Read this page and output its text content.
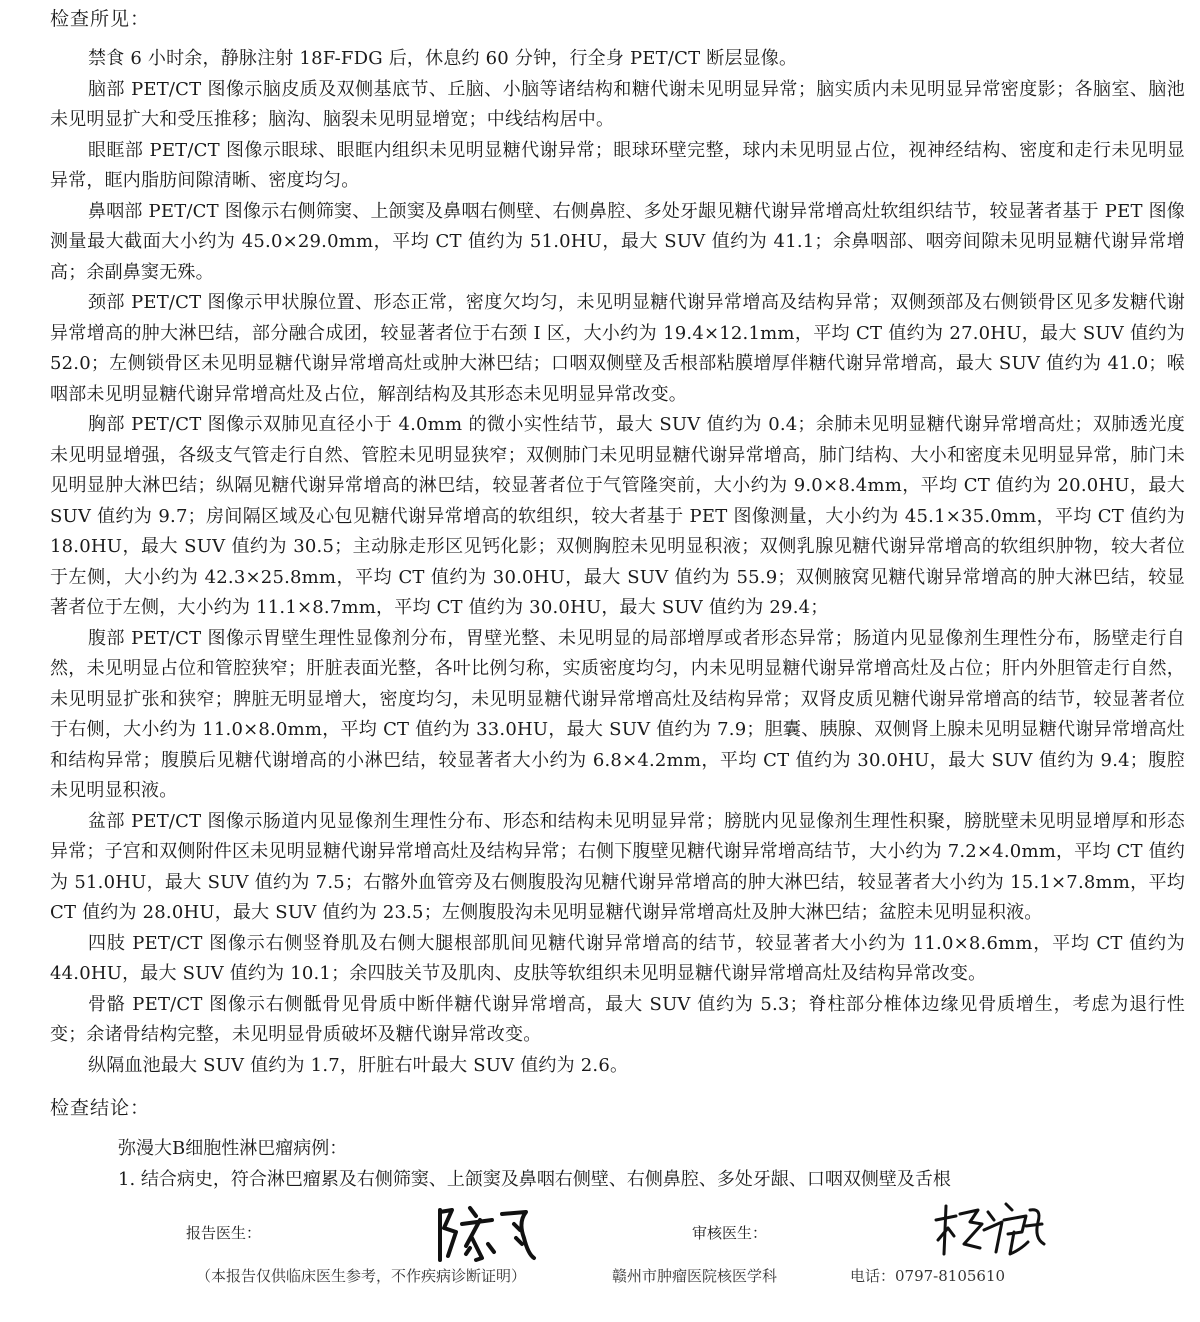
检查所见：

禁食 6 小时余，静脉注射 18F-FDG 后，休息约 60 分钟，行全身 PET/CT 断层显像。

脑部 PET/CT 图像示脑皮质及双侧基底节、丘脑、小脑等诸结构和糖代谢未见明显异常；脑实质内未见明显异常密度影；各脑室、脑池未见明显扩大和受压推移；脑沟、脑裂未见明显增宽；中线结构居中。

眼眶部 PET/CT 图像示眼球、眼眶内组织未见明显糖代谢异常；眼球环壁完整，球内未见明显占位，视神经结构、密度和走行未见明显异常，眶内脂肪间隙清晰、密度均匀。

鼻咽部 PET/CT 图像示右侧筛窦、上颌窦及鼻咽右侧壁、右侧鼻腔、多处牙龈见糖代谢异常增高灶软组织结节，较显著者基于 PET 图像测量最大截面大小约为 45.0×29.0mm，平均 CT 值约为 51.0HU，最大 SUV 值约为 41.1；余鼻咽部、咽旁间隙未见明显糖代谢异常增高；余副鼻窦无殊。

颈部 PET/CT 图像示甲状腺位置、形态正常，密度欠均匀，未见明显糖代谢异常增高及结构异常；双侧颈部及右侧锁骨区见多发糖代谢异常增高的肿大淋巴结，部分融合成团，较显著者位于右颈 I 区，大小约为 19.4×12.1mm，平均 CT 值约为 27.0HU，最大 SUV 值约为 52.0；左侧锁骨区未见明显糖代谢异常增高灶或肿大淋巴结；口咽双侧壁及舌根部粘膜增厚伴糖代谢异常增高，最大 SUV 值约为 41.0；喉咽部未见明显糖代谢异常增高灶及占位，解剖结构及其形态未见明显异常改变。

胸部 PET/CT 图像示双肺见直径小于 4.0mm 的微小实性结节，最大 SUV 值约为 0.4；余肺未见明显糖代谢异常增高灶；双肺透光度未见明显增强，各级支气管走行自然、管腔未见明显狭窄；双侧肺门未见明显糖代谢异常增高，肺门结构、大小和密度未见明显异常，肺门未见明显肿大淋巴结；纵隔见糖代谢异常增高的淋巴结，较显著者位于气管隆突前，大小约为 9.0×8.4mm，平均 CT 值约为 20.0HU，最大 SUV 值约为 9.7；房间隔区域及心包见糖代谢异常增高的软组织，较大者基于 PET 图像测量，大小约为 45.1×35.0mm，平均 CT 值约为 18.0HU，最大 SUV 值约为 30.5；主动脉走形区见钙化影；双侧胸腔未见明显积液；双侧乳腺见糖代谢异常增高的软组织肿物，较大者位于左侧，大小约为 42.3×25.8mm，平均 CT 值约为 30.0HU，最大 SUV 值约为 55.9；双侧腋窝见糖代谢异常增高的肿大淋巴结，较显著者位于左侧，大小约为 11.1×8.7mm，平均 CT 值约为 30.0HU，最大 SUV 值约为 29.4；

腹部 PET/CT 图像示胃壁生理性显像剂分布，胃壁光整、未见明显的局部增厚或者形态异常；肠道内见显像剂生理性分布，肠壁走行自然，未见明显占位和管腔狭窄；肝脏表面光整，各叶比例匀称，实质密度均匀，内未见明显糖代谢异常增高灶及占位；肝内外胆管走行自然，未见明显扩张和狭窄；脾脏无明显增大，密度均匀，未见明显糖代谢异常增高灶及结构异常；双肾皮质见糖代谢异常增高的结节，较显著者位于右侧，大小约为 11.0×8.0mm，平均 CT 值约为 33.0HU，最大 SUV 值约为 7.9；胆囊、胰腺、双侧肾上腺未见明显糖代谢异常增高灶和结构异常；腹膜后见糖代谢增高的小淋巴结，较显著者大小约为 6.8×4.2mm，平均 CT 值约为 30.0HU，最大 SUV 值约为 9.4；腹腔未见明显积液。

盆部 PET/CT 图像示肠道内见显像剂生理性分布、形态和结构未见明显异常；膀胱内见显像剂生理性积聚，膀胱壁未见明显增厚和形态异常；子宫和双侧附件区未见明显糖代谢异常增高灶及结构异常；右侧下腹壁见糖代谢异常增高结节，大小约为 7.2×4.0mm，平均 CT 值约为 51.0HU，最大 SUV 值约为 7.5；右髂外血管旁及右侧腹股沟见糖代谢异常增高的肿大淋巴结，较显著者大小约为 15.1×7.8mm，平均 CT 值约为 28.0HU，最大 SUV 值约为 23.5；左侧腹股沟未见明显糖代谢异常增高灶及肿大淋巴结；盆腔未见明显积液。

四肢 PET/CT 图像示右侧竖脊肌及右侧大腿根部肌间见糖代谢异常增高的结节，较显著者大小约为 11.0×8.6mm，平均 CT 值约为 44.0HU，最大 SUV 值约为 10.1；余四肢关节及肌肉、皮肤等软组织未见明显糖代谢异常增高灶及结构异常改变。

骨骼 PET/CT 图像示右侧骶骨见骨质中断伴糖代谢异常增高，最大 SUV 值约为 5.3；脊柱部分椎体边缘见骨质增生，考虑为退行性变；余诸骨结构完整，未见明显骨质破坏及糖代谢异常改变。

纵隔血池最大 SUV 值约为 1.7，肝脏右叶最大 SUV 值约为 2.6。

检查结论：

弥漫大B细胞性淋巴瘤病例：

1. 结合病史，符合淋巴瘤累及右侧筛窦、上颌窦及鼻咽右侧壁、右侧鼻腔、多处牙龈、口咽双侧壁及舌根

报告医生：	审核医生：
（本报告仅供临床医生参考，不作疾病诊断证明）	赣州市肿瘤医院核医学科	电话：0797-8105610
